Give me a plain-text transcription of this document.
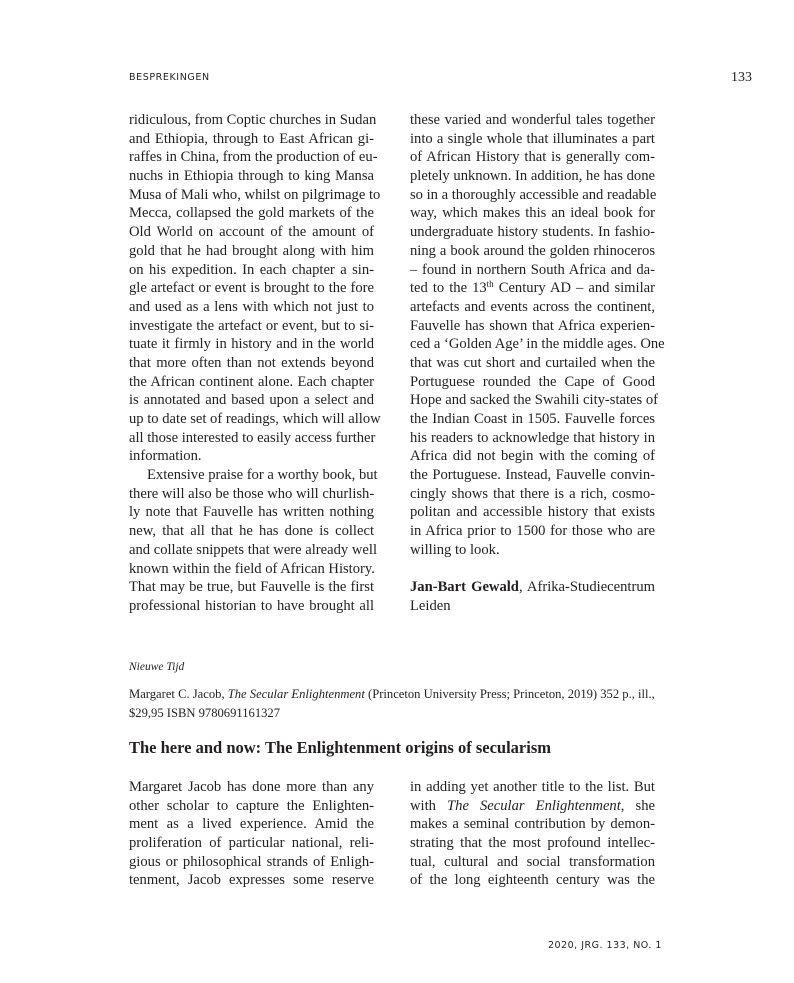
BESPREKINGEN	133
ridiculous, from Coptic churches in Sudan
and Ethiopia, through to East African gi-
raffes in China, from the production of eu-
nuchs in Ethiopia through to king Mansa
Musa of Mali who, whilst on pilgrimage to
Mecca, collapsed the gold markets of the
Old World on account of the amount of
gold that he had brought along with him
on his expedition. In each chapter a sin-
gle artefact or event is brought to the fore
and used as a lens with which not just to
investigate the artefact or event, but to si-
tuate it firmly in history and in the world
that more often than not extends beyond
the African continent alone. Each chapter
is annotated and based upon a select and
up to date set of readings, which will allow
all those interested to easily access further
information.
Extensive praise for a worthy book, but
there will also be those who will churlish-
ly note that Fauvelle has written nothing
new, that all that he has done is collect
and collate snippets that were already well
known within the field of African History.
That may be true, but Fauvelle is the first
professional historian to have brought all
these varied and wonderful tales together
into a single whole that illuminates a part
of African History that is generally com-
pletely unknown. In addition, he has done
so in a thoroughly accessible and readable
way, which makes this an ideal book for
undergraduate history students. In fashio-
ning a book around the golden rhinoceros
– found in northern South Africa and da-
ted to the 13th Century AD – and similar
artefacts and events across the continent,
Fauvelle has shown that Africa experien-
ced a ‘Golden Age’ in the middle ages. One
that was cut short and curtailed when the
Portuguese rounded the Cape of Good
Hope and sacked the Swahili city-states of
the Indian Coast in 1505. Fauvelle forces
his readers to acknowledge that history in
Africa did not begin with the coming of
the Portuguese. Instead, Fauvelle convin-
cingly shows that there is a rich, cosmo-
politan and accessible history that exists
in Africa prior to 1500 for those who are
willing to look.
Jan-Bart Gewald, Afrika-Studiecentrum
Leiden
Nieuwe Tijd
Margaret C. Jacob, The Secular Enlightenment (Princeton University Press; Princeton, 2019) 352 p., ill.,
$29,95 ISBN 9780691161327
The here and now: The Enlightenment origins of secularism
Margaret Jacob has done more than any
other scholar to capture the Enlighten-
ment as a lived experience. Amid the
proliferation of particular national, reli-
gious or philosophical strands of Enligh-
tenment, Jacob expresses some reserve
in adding yet another title to the list. But
with The Secular Enlightenment, she
makes a seminal contribution by demon-
strating that the most profound intellec-
tual, cultural and social transformation
of the long eighteenth century was the
2020, JRG. 133, NO. 1
